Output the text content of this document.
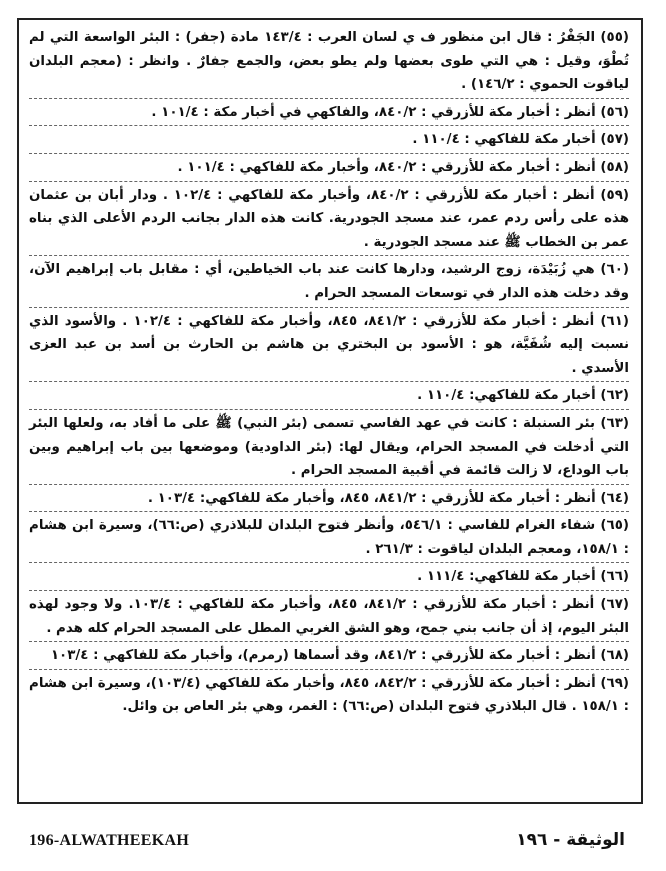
(٥٥) الجَفْرُ : قال ابن منظور ف ي لسان العرب : ١٤٣/٤ مادة (جفر) : البئر الواسعة التي لم تُطْوَ، وقيل : هي التي طوى بعضها ولم يطو بعض، والجمع جفارٌ . وانظر : (معجم البلدان لياقوت الحموي : ١٤٦/٢) .
(٥٦) أنظر : أخبار مكة للأزرقي : ٨٤٠/٢، والفاكهي في أخبار مكة : ١٠١/٤ .
(٥٧) أخبار مكة للفاكهي : ١١٠/٤ .
(٥٨) أنظر : أخبار مكة للأزرقي : ٨٤٠/٢، وأخبار مكة للفاكهي : ١٠١/٤ .
(٥٩) أنظر : أخبار مكة للأزرقي : ٨٤٠/٢، وأخبار مكة للفاكهي : ١٠٢/٤ . ودار أبان بن عثمان هذه على رأس ردم عمر، عند مسجد الجودرية. كانت هذه الدار بجانب الردم الأعلى الذي بناه عمر بن الخطاب ﷺ عند مسجد الجودرية .
(٦٠) هي زُبَيْدَة، زوج الرشيد، ودارها كانت عند باب الخياطين، أي : مقابل باب إبراهيم الآن، وقد دخلت هذه الدار في توسعات المسجد الحرام .
(٦١) أنظر : أخبار مكة للأزرقي : ٨٤١/٢، ٨٤٥، وأخبار مكة للفاكهي : ١٠٢/٤ . والأسود الذي نسبت إليه شُفَيَّة، هو : الأسود بن البختري بن هاشم بن الحارث بن أسد بن عبد العزى الأسدي .
(٦٢) أخبار مكة للفاكهي: ١١٠/٤ .
(٦٣) بئر السنبلة : كانت في عهد الفاسي تسمى (بئر النبي) ﷺ على ما أفاد به، ولعلها البئر التي أدخلت في المسجد الحرام، ويقال لها: (بئر الداودية) وموضعها بين باب إبراهيم وبين باب الوداع، لا زالت قائمة في أقبية المسجد الحرام .
(٦٤) أنظر : أخبار مكة للأزرقي : ٨٤١/٢، ٨٤٥، وأخبار مكة للفاكهي: ١٠٣/٤ .
(٦٥) شفاء الغرام للفاسي : ٥٤٦/١، وأنظر فتوح البلدان للبلاذري (ص:٦٦)، وسيرة ابن هشام : ١٥٨/١، ومعجم البلدان لياقوت : ٢٦١/٣ .
(٦٦) أخبار مكة للفاكهي: ١١١/٤ .
(٦٧) أنظر : أخبار مكة للأزرقي : ٨٤١/٢، ٨٤٥، وأخبار مكة للفاكهي : ١٠٣/٤. ولا وجود لهذه البئر اليوم، إذ أن جانب بني جمح، وهو الشق الغربي المطل على المسجد الحرام كله هدم .
(٦٨) أنظر : أخبار مكة للأزرقي : ٨٤١/٢، وقد أسماها (رمرم)، وأخبار مكة للفاكهي : ١٠٣/٤
(٦٩) أنظر : أخبار مكة للأزرقي : ٨٤٢/٢، ٨٤٥، وأخبار مكة للفاكهي (١٠٣/٤)، وسيرة ابن هشام : ١٥٨/١ . قال البلاذري فتوح البلدان (ص:٦٦) : الغمر، وهي بئر العاص بن وائل.
196-ALWATHEEKAH	الوثيقة - ١٩٦
